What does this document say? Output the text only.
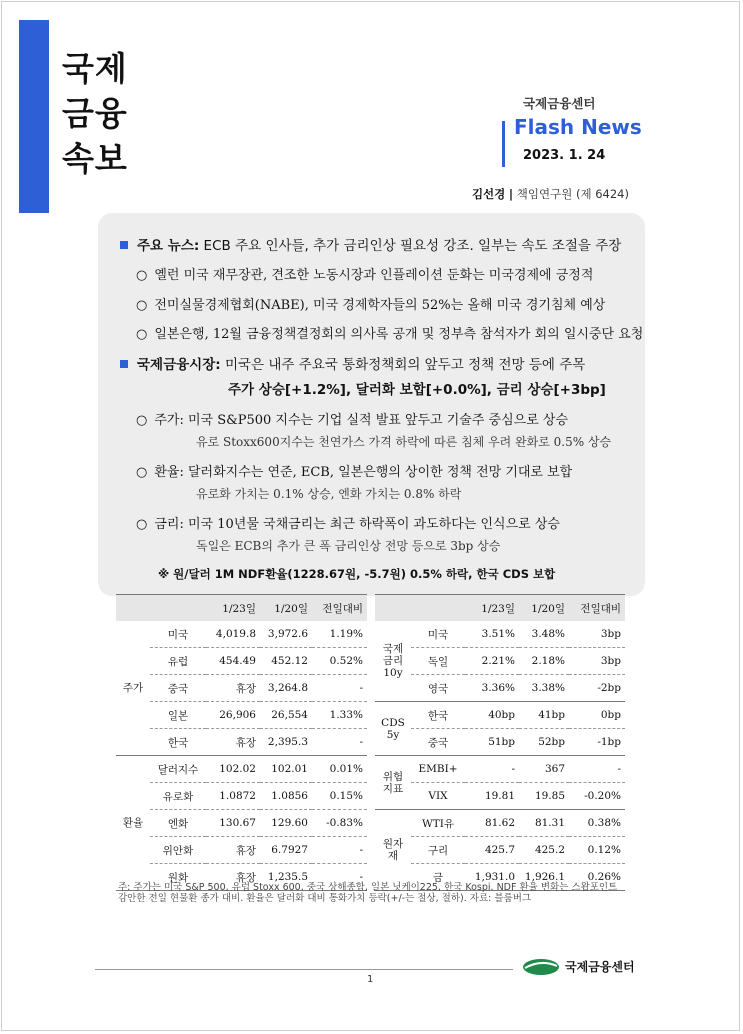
국제
금융
속보
국제금융센터
Flash News
2023. 1. 24
김선경 | 책임연구원 (제 6424)
주요 뉴스: ECB 주요 인사들, 추가 금리인상 필요성 강조. 일부는 속도 조절을 주장
○ 옐런 미국 재무장관, 견조한 노동시장과 인플레이션 둔화는 미국경제에 긍정적
○ 전미실물경제협회(NABE), 미국 경제학자들의 52%는 올해 미국 경기침체 예상
○ 일본은행, 12월 금융정책결정회의 의사록 공개 및 정부측 참석자가 회의 일시중단 요청
국제금융시장: 미국은 내주 주요국 통화정책회의 앞두고 정책 전망 등에 주목
주가 상승[+1.2%], 달러화 보합[+0.0%], 금리 상승[+3bp]
○ 주가: 미국 S&P500 지수는 기업 실적 발표 앞두고 기술주 중심으로 상승
유로 Stoxx600지수는 천연가스 가격 하락에 따른 침체 우려 완화로 0.5% 상승
○ 환율: 달러화지수는 연준, ECB, 일본은행의 상이한 정책 전망 기대로 보합
유로화 가치는 0.1% 상승, 엔화 가치는 0.8% 하락
○ 금리: 미국 10년물 국채금리는 최근 하락폭이 과도하다는 인식으로 상승
독일은 ECB의 추가 큰 폭 금리인상 전망 등으로 3bp 상승
※ 원/달러 1M NDF환율(1228.67원, -5.7원) 0.5% 하락, 한국 CDS 보합
		1/23일	1/20일	전일대비
주가	미국	4,019.8	3,972.6	1.19%
	유럽	454.49	452.12	0.52%
	중국	휴장	3,264.8	-
	일본	26,906	26,554	1.33%
	한국	휴장	2,395.3	-
환율	달러지수	102.02	102.01	0.01%
	유로화	1.0872	1.0856	0.15%
	엔화	130.67	129.60	-0.83%
	위안화	휴장	6.7927	-
	원화	휴장	1,235.5	-
		1/23일	1/20일	전일대비
국제
금리
10y	미국	3.51%	3.48%	3bp
	독일	2.21%	2.18%	3bp
	영국	3.36%	3.38%	-2bp
CDS
5y	한국	40bp	41bp	0bp
	중국	51bp	52bp	-1bp
위험
지표	EMBI+	-	367	-
	VIX	19.81	19.85	-0.20%
원자재	WTI유	81.62	81.31	0.38%
	구리	425.7	425.2	0.12%
	금	1,931.0	1,926.1	0.26%
주: 주가는 미국 S&P 500, 유럽 Stoxx 600, 중국 상해종합, 일본 닛케이225, 한국 Kospi. NDF 환율 변화는 스왑포인트 감안한 전일 현물환 종가 대비. 환율은 달러화 대비 통화가치 등락(+/-는 절상, 절하). 자료: 블룸버그
국제금융센터
1
